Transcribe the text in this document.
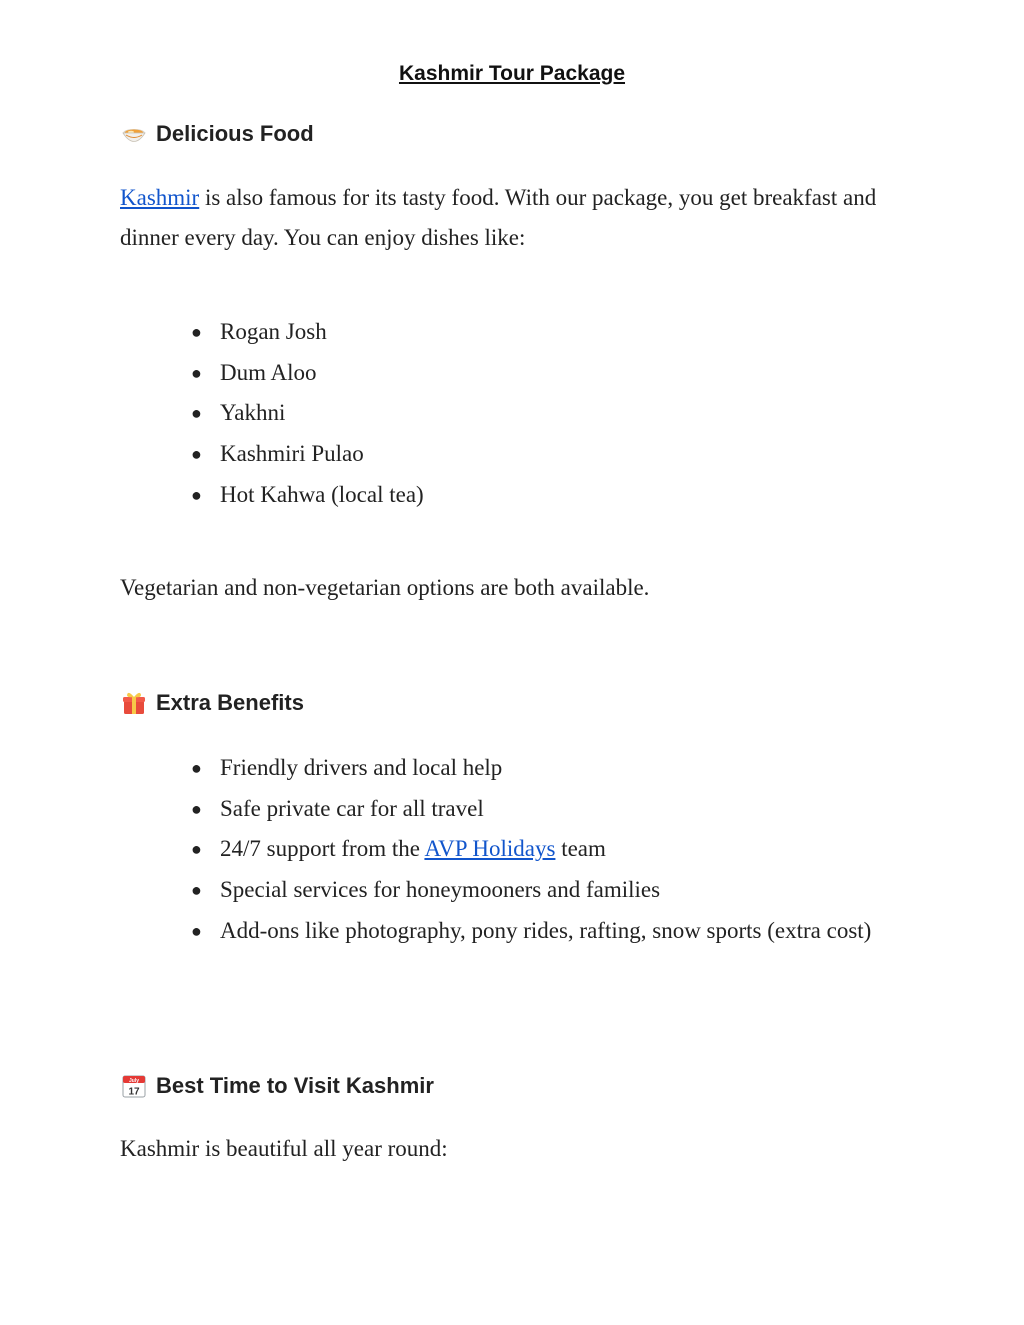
Kashmir Tour Package
Delicious Food
Kashmir is also famous for its tasty food. With our package, you get breakfast and dinner every day. You can enjoy dishes like:
● Rogan Josh
● Dum Aloo
● Yakhni
● Kashmiri Pulao
● Hot Kahwa (local tea)
Vegetarian and non-vegetarian options are both available.
Extra Benefits
● Friendly drivers and local help
● Safe private car for all travel
● 24/7 support from the AVP Holidays team
● Special services for honeymooners and families
● Add-ons like photography, pony rides, rafting, snow sports (extra cost)
July
17 Best Time to Visit Kashmir
Kashmir is beautiful all year round:
